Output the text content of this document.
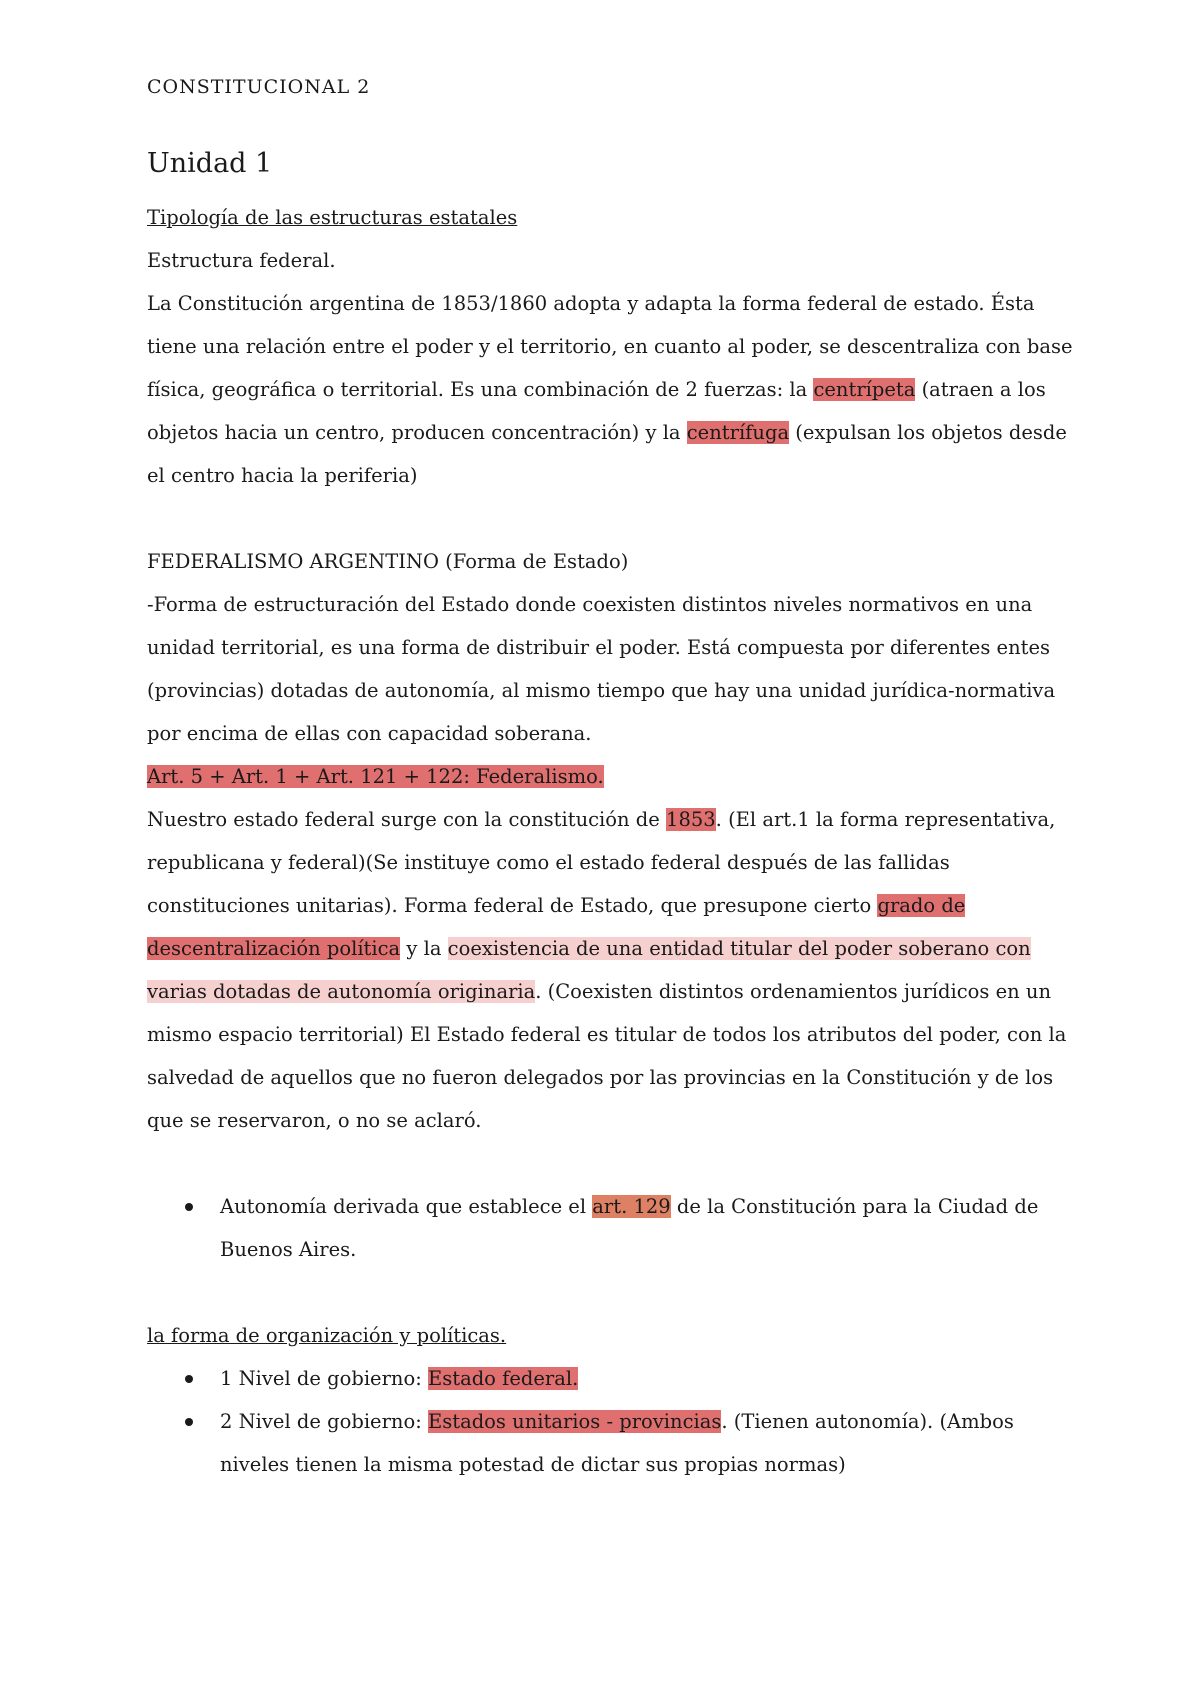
CONSTITUCIONAL 2
Unidad 1

Tipología de las estructuras estatales

Estructura federal.

La Constitución argentina de 1853/1860 adopta y adapta la forma federal de estado. Ésta tiene una relación entre el poder y el territorio, en cuanto al poder, se descentraliza con base física, geográfica o territorial. Es una combinación de 2 fuerzas: la centrípeta (atraen a los objetos hacia un centro, producen concentración) y la centrífuga (expulsan los objetos desde el centro hacia la periferia)

FEDERALISMO ARGENTINO (Forma de Estado)

-Forma de estructuración del Estado donde coexisten distintos niveles normativos en una unidad territorial, es una forma de distribuir el poder. Está compuesta por diferentes entes (provincias) dotadas de autonomía, al mismo tiempo que hay una unidad jurídica-normativa por encima de ellas con capacidad soberana.

Art. 5 + Art. 1 + Art. 121 + 122: Federalismo.

Nuestro estado federal surge con la constitución de 1853. (El art.1 la forma representativa, republicana y federal)(Se instituye como el estado federal después de las fallidas constituciones unitarias). Forma federal de Estado, que presupone cierto grado de descentralización política y la coexistencia de una entidad titular del poder soberano con varias dotadas de autonomía originaria. (Coexisten distintos ordenamientos jurídicos en un mismo espacio territorial) El Estado federal es titular de todos los atributos del poder, con la salvedad de aquellos que no fueron delegados por las provincias en la Constitución y de los que se reservaron, o no se aclaró.

Autonomía derivada que establece el art. 129 de la Constitución para la Ciudad de Buenos Aires.

la forma de organización y políticas.

1 Nivel de gobierno: Estado federal.
2 Nivel de gobierno: Estados unitarios - provincias. (Tienen autonomía). (Ambos niveles tienen la misma potestad de dictar sus propias normas)
